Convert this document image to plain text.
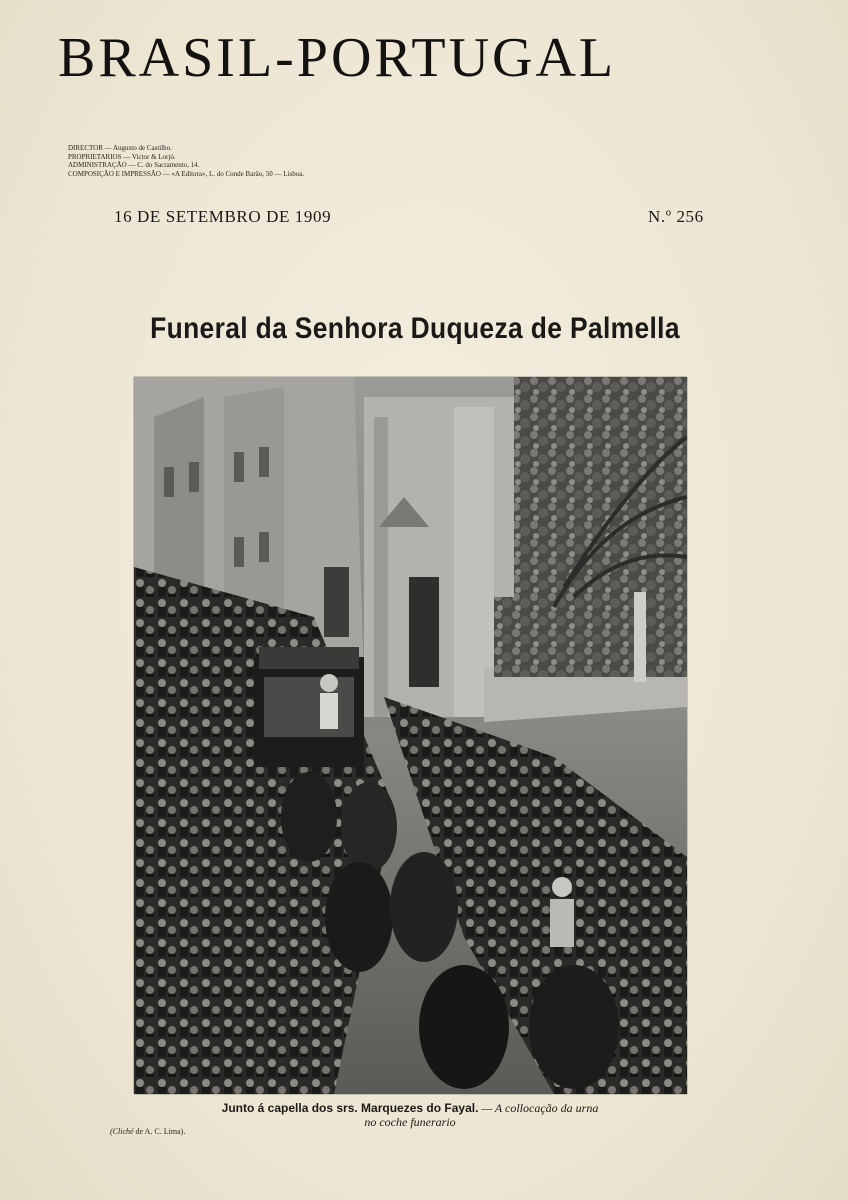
BRASIL-PORTUGAL
DIRECTOR — Augusto de Castilho.
PROPRIETARIOS — Victor & Lorjó.
ADMINISTRAÇÃO — C. do Sacramento, 14.
COMPOSIÇÃO E IMPRESSÃO — «A Editora», L. do Conde Barão, 50 — Lisboa.
16 DE SETEMBRO DE 1909	N.º 256
Funeral da Senhora Duqueza de Palmella
Junto á capella dos srs. Marquezes do Fayal. — A collocação da urna
no coche funerario
(Cliché de A. C. Lima).
